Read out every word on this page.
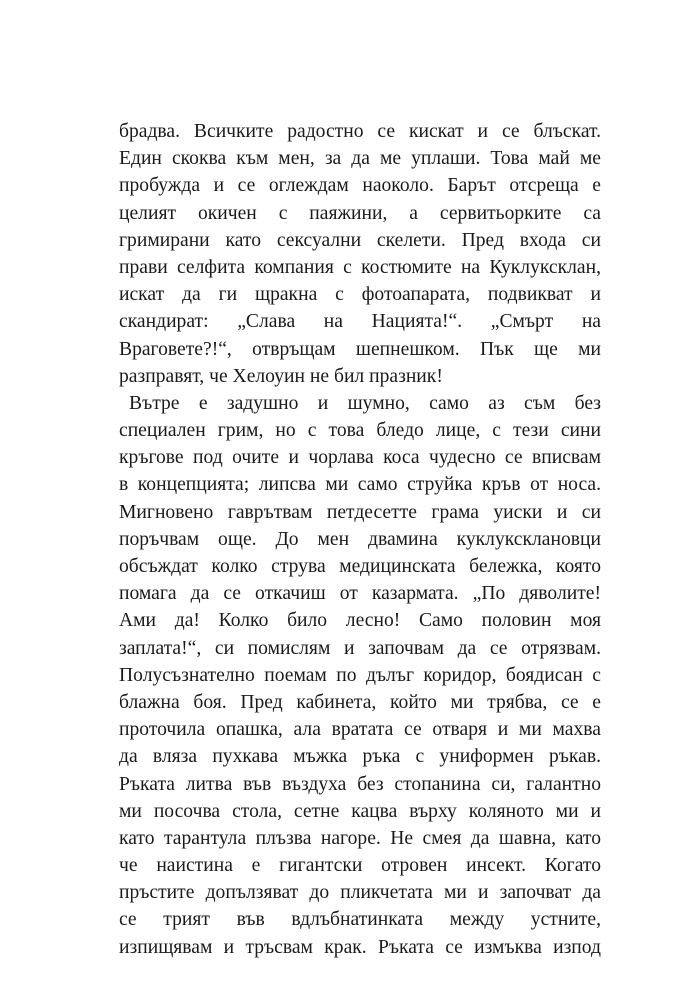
брадва. Всичките радостно се кискат и се блъскат.
Един скоква към мен, за да ме уплаши. Това май ме
пробужда и се оглеждам наоколо. Барът отсреща е
целият окичен с паяжини, а сервитьорките са
гримирани като сексуални скелети. Пред входа си
прави селфита компания с костюмите на Куклуксклан,
искат да ги щракна с фотоапарата, подвикват и
скандират: „Слава на Нацията!“. „Смърт на
Враговете?!“, отвръщам шепнешком. Пък ще ми
разправят, че Хелоуин не бил празник!
Вътре е задушно и шумно, само аз съм без
специален грим, но с това бледо лице, с тези сини
кръгове под очите и чорлава коса чудесно се вписвам
в концепцията; липсва ми само струйка кръв от носа.
Мигновено гаврътвам петдесетте грама уиски и си
поръчвам още. До мен двамина куклуксклановци
обсъждат колко струва медицинската бележка, която
помага да се откачиш от казармата. „По дяволите!
Ами да! Колко било лесно! Само половин моя
заплата!“, си помислям и започвам да се отрязвам.
Полусъзнателно поемам по дълъг коридор, боядисан с
блажна боя. Пред кабинета, който ми трябва, се е
проточила опашка, ала вратата се отваря и ми махва
да вляза пухкава мъжка ръка с униформен ръкав.
Ръката литва във въздуха без стопанина си, галантно
ми посочва стола, сетне кацва върху коляното ми и
като тарантула плъзва нагоре. Не смея да шавна, като
че наистина е гигантски отровен инсект. Когато
пръстите допълзяват до пликчетата ми и започват да
се трият във вдлъбнатинката между устните,
изпищявам и тръсвам крак. Ръката се измъква изпод
